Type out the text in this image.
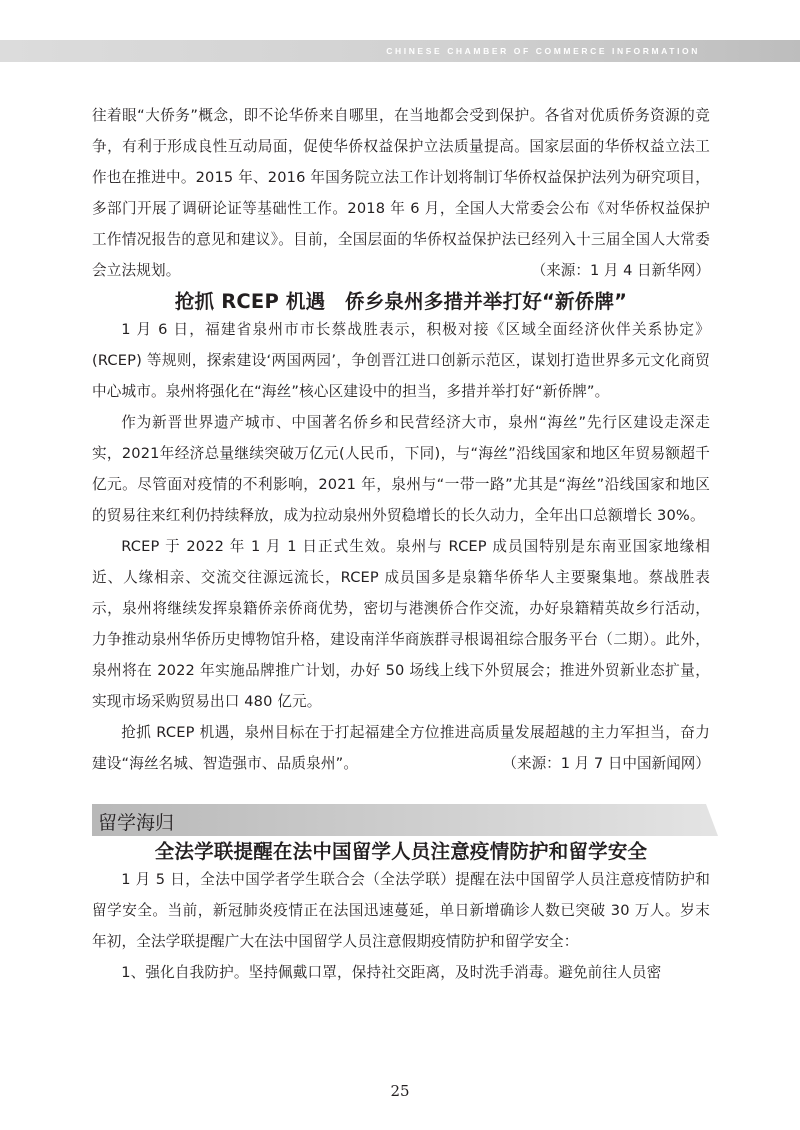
CHINESE CHAMBER OF COMMERCE INFORMATION

往着眼“大侨务”概念，即不论华侨来自哪里，在当地都会受到保护。各省对优质侨务资源的竞争，有利于形成良性互动局面，促使华侨权益保护立法质量提高。国家层面的华侨权益立法工作也在推进中。2015 年、2016 年国务院立法工作计划将制订华侨权益保护法列为研究项目，多部门开展了调研论证等基础性工作。2018 年 6 月，全国人大常委会公布《对华侨权益保护工作情况报告的意见和建议》。目前，全国层面的华侨权益保护法已经列入十三届全国人大常委会立法规划。	（来源：1 月 4 日新华网）

抢抓 RCEP 机遇　侨乡泉州多措并举打好“新侨牌”

1 月 6 日，福建省泉州市市长蔡战胜表示，积极对接《区域全面经济伙伴关系协定》(RCEP) 等规则，探索建设‘两国两园’，争创晋江进口创新示范区，谋划打造世界多元文化商贸中心城市。泉州将强化在“海丝”核心区建设中的担当，多措并举打好“新侨牌”。

作为新晋世界遗产城市、中国著名侨乡和民营经济大市，泉州“海丝”先行区建设走深走实，2021年经济总量继续突破万亿元(人民币，下同)，与“海丝”沿线国家和地区年贸易额超千亿元。尽管面对疫情的不利影响，2021 年，泉州与“一带一路”尤其是“海丝”沿线国家和地区的贸易往来红利仍持续释放，成为拉动泉州外贸稳增长的长久动力，全年出口总额增长 30%。

RCEP 于 2022 年 1 月 1 日正式生效。泉州与 RCEP 成员国特别是东南亚国家地缘相近、人缘相亲、交流交往源远流长，RCEP 成员国多是泉籍华侨华人主要聚集地。蔡战胜表示，泉州将继续发挥泉籍侨亲侨商优势，密切与港澳侨合作交流，办好泉籍精英故乡行活动，力争推动泉州华侨历史博物馆升格，建设南洋华商族群寻根谒祖综合服务平台（二期）。此外，泉州将在 2022 年实施品牌推广计划，办好 50 场线上线下外贸展会；推进外贸新业态扩量，实现市场采购贸易出口 480 亿元。

抢抓 RCEP 机遇，泉州目标在于打起福建全方位推进高质量发展超越的主力军担当，奋力建设“海丝名城、智造强市、品质泉州”。	（来源：1 月 7 日中国新闻网）

留学海归
全法学联提醒在法中国留学人员注意疫情防护和留学安全

1 月 5 日，全法中国学者学生联合会（全法学联）提醒在法中国留学人员注意疫情防护和留学安全。当前，新冠肺炎疫情正在法国迅速蔓延，单日新增确诊人数已突破 30 万人。岁末年初，全法学联提醒广大在法中国留学人员注意假期疫情防护和留学安全：

1、强化自我防护。坚持佩戴口罩，保持社交距离，及时洗手消毒。避免前往人员密

25
